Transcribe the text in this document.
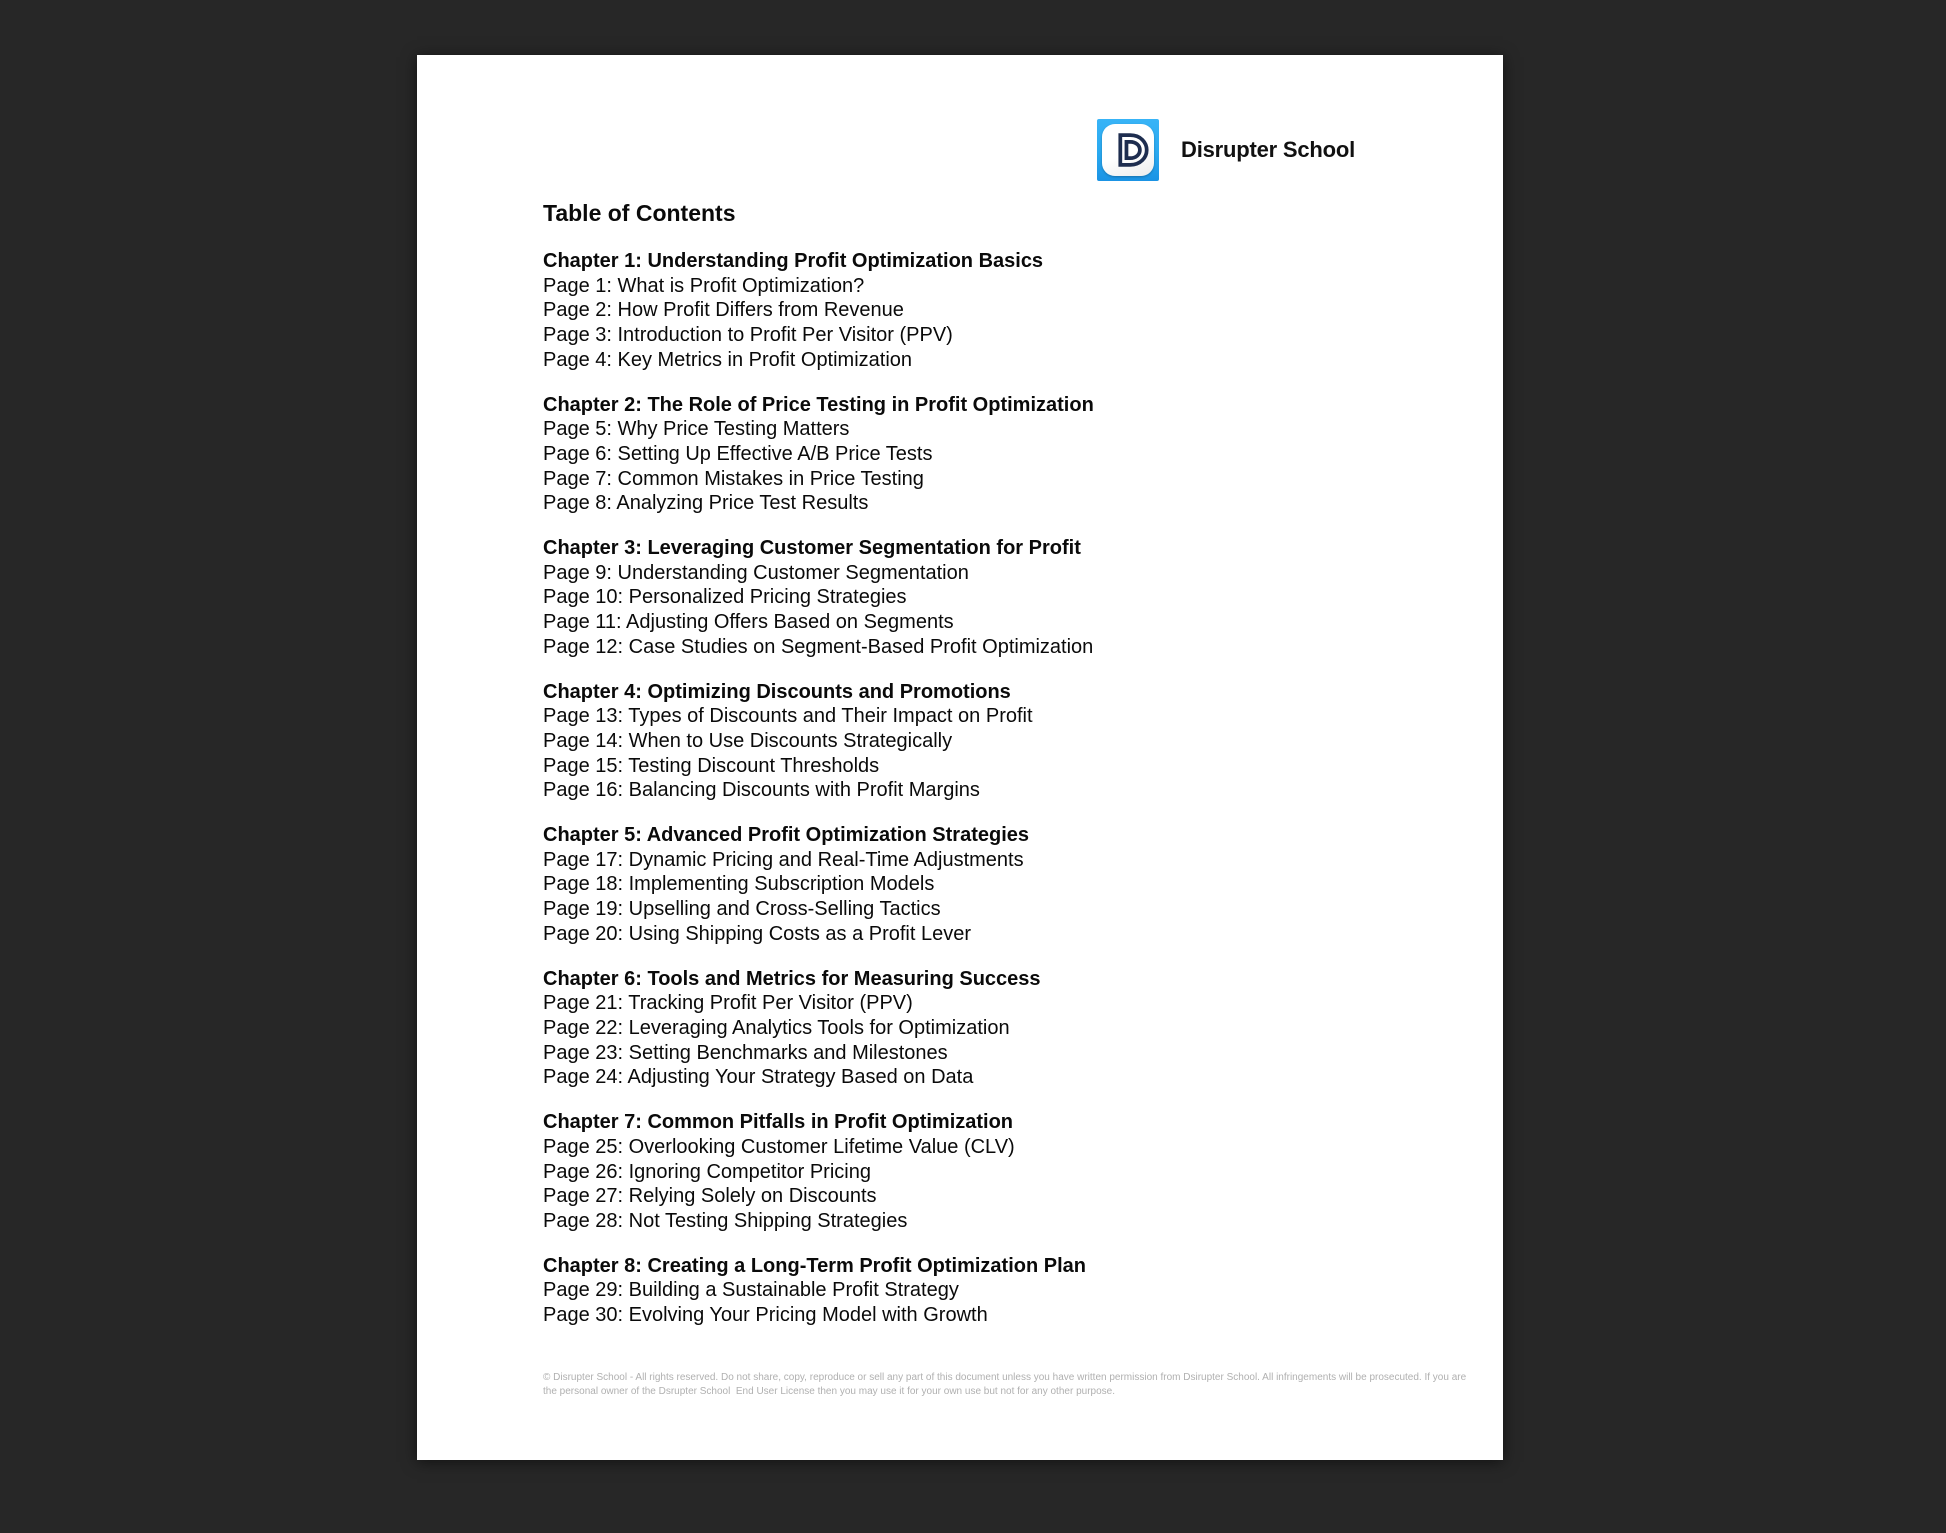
Disrupter School
Table of Contents
Chapter 1: Understanding Profit Optimization Basics
Page 1: What is Profit Optimization?
Page 2: How Profit Differs from Revenue
Page 3: Introduction to Profit Per Visitor (PPV)
Page 4: Key Metrics in Profit Optimization
Chapter 2: The Role of Price Testing in Profit Optimization
Page 5: Why Price Testing Matters
Page 6: Setting Up Effective A/B Price Tests
Page 7: Common Mistakes in Price Testing
Page 8: Analyzing Price Test Results
Chapter 3: Leveraging Customer Segmentation for Profit
Page 9: Understanding Customer Segmentation
Page 10: Personalized Pricing Strategies
Page 11: Adjusting Offers Based on Segments
Page 12: Case Studies on Segment-Based Profit Optimization
Chapter 4: Optimizing Discounts and Promotions
Page 13: Types of Discounts and Their Impact on Profit
Page 14: When to Use Discounts Strategically
Page 15: Testing Discount Thresholds
Page 16: Balancing Discounts with Profit Margins
Chapter 5: Advanced Profit Optimization Strategies
Page 17: Dynamic Pricing and Real-Time Adjustments
Page 18: Implementing Subscription Models
Page 19: Upselling and Cross-Selling Tactics
Page 20: Using Shipping Costs as a Profit Lever
Chapter 6: Tools and Metrics for Measuring Success
Page 21: Tracking Profit Per Visitor (PPV)
Page 22: Leveraging Analytics Tools for Optimization
Page 23: Setting Benchmarks and Milestones
Page 24: Adjusting Your Strategy Based on Data
Chapter 7: Common Pitfalls in Profit Optimization
Page 25: Overlooking Customer Lifetime Value (CLV)
Page 26: Ignoring Competitor Pricing
Page 27: Relying Solely on Discounts
Page 28: Not Testing Shipping Strategies
Chapter 8: Creating a Long-Term Profit Optimization Plan
Page 29: Building a Sustainable Profit Strategy
Page 30: Evolving Your Pricing Model with Growth
© Disrupter School - All rights reserved. Do not share, copy, reproduce or sell any part of this document unless you have written permission from Dsirupter School. All infringements will be prosecuted. If you are
the personal owner of the Dsrupter School  End User License then you may use it for your own use but not for any other purpose.
